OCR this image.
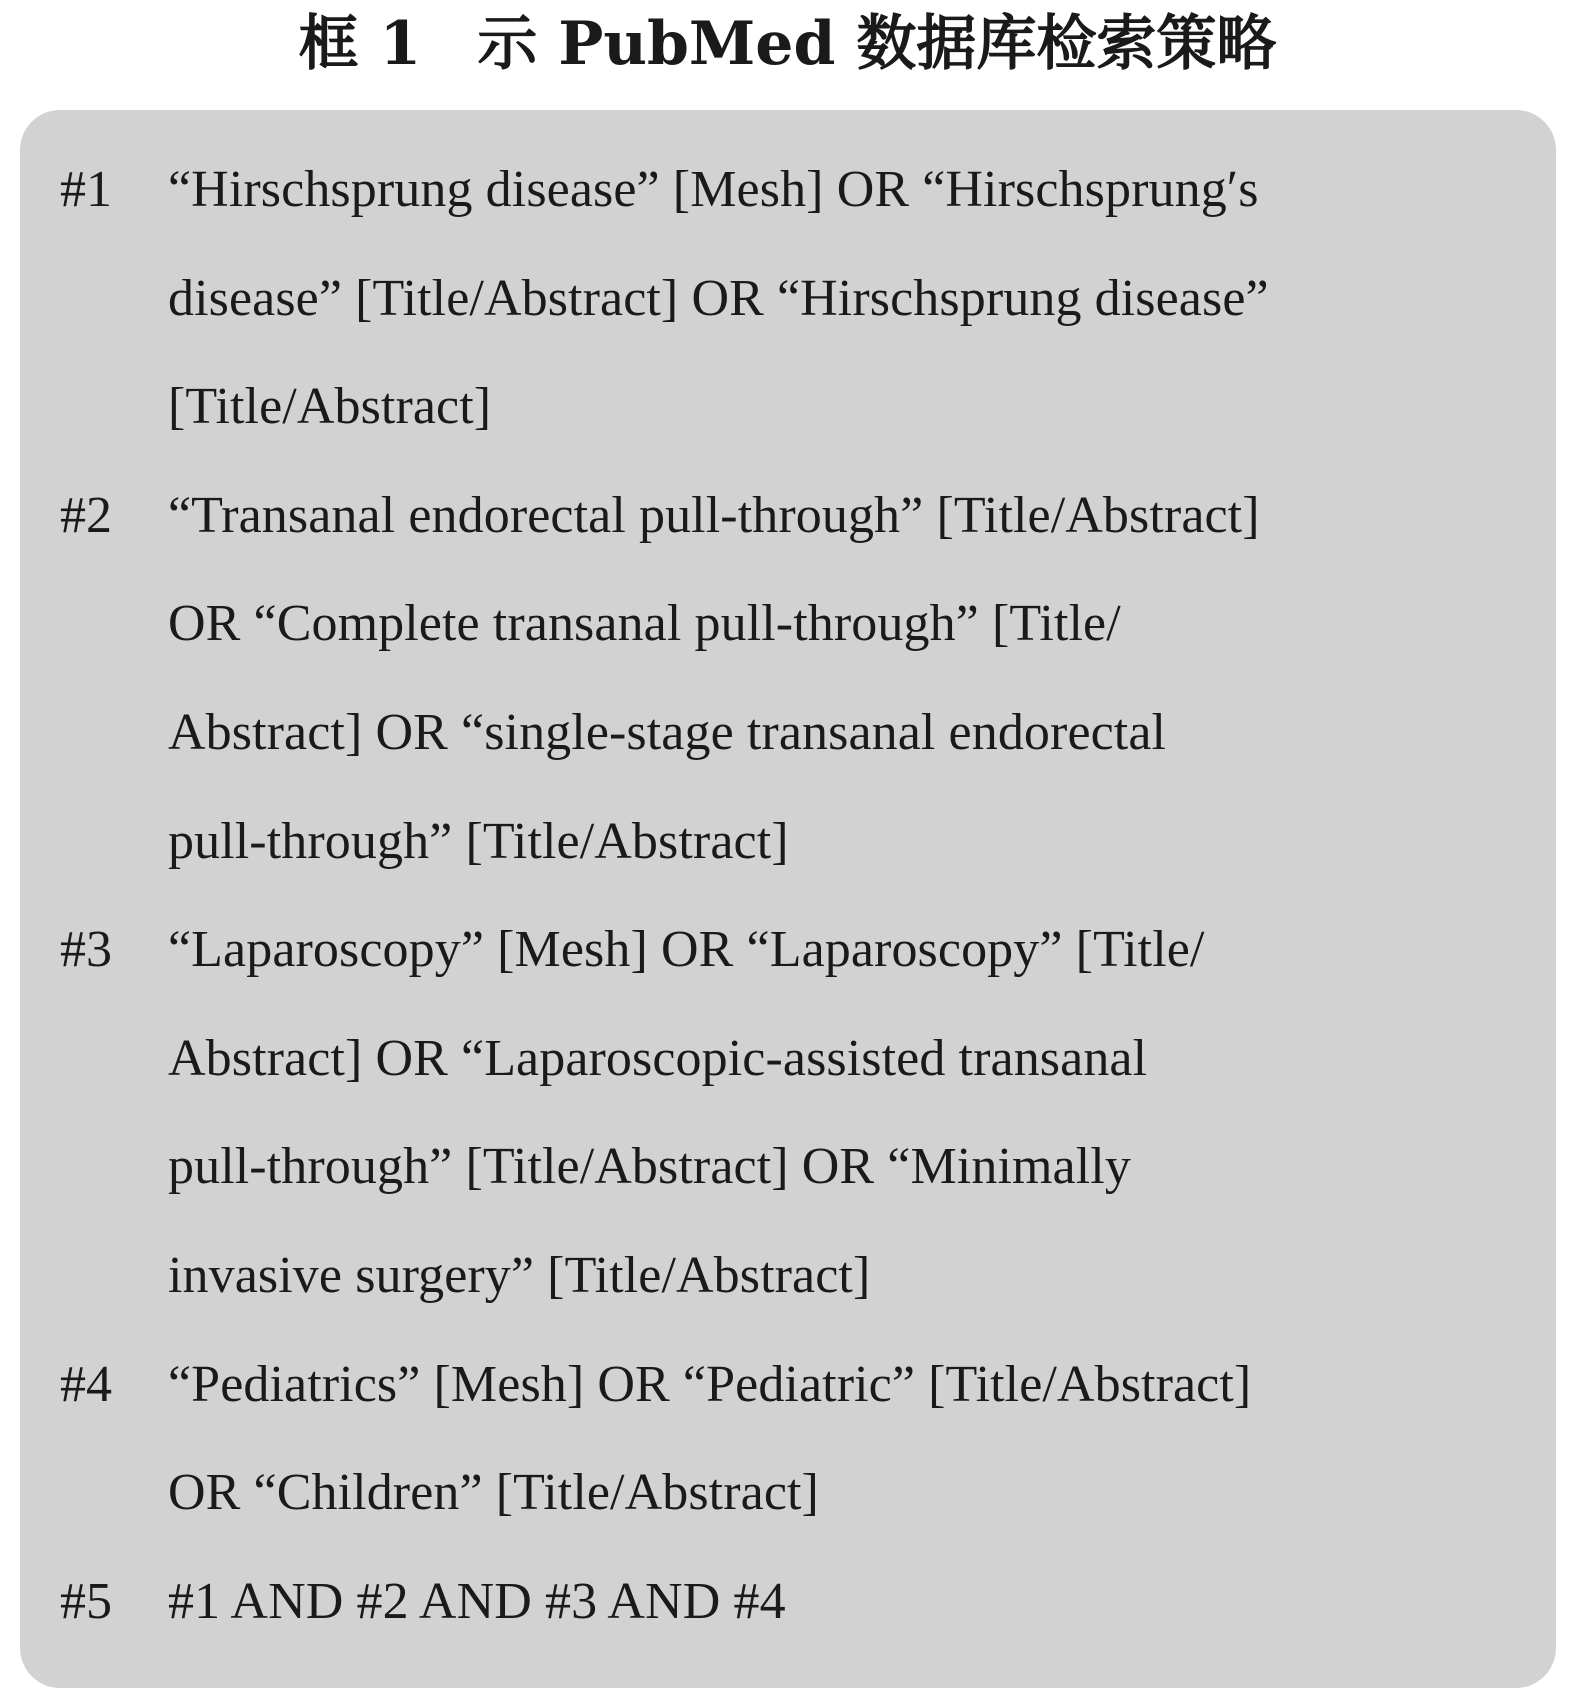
框 1 示 PubMed 数据库检索策略
#1	“Hirschsprung disease” [Mesh] OR “Hirschsprung′s
disease” [Title/Abstract] OR “Hirschsprung disease”
[Title/Abstract]
#2	“Transanal endorectal pull-through” [Title/Abstract]
OR “Complete transanal pull-through” [Title/
Abstract] OR “single-stage transanal endorectal
pull-through” [Title/Abstract]
#3	“Laparoscopy” [Mesh] OR “Laparoscopy” [Title/
Abstract] OR “Laparoscopic-assisted transanal
pull-through” [Title/Abstract] OR “Minimally
invasive surgery” [Title/Abstract]
#4	“Pediatrics” [Mesh] OR “Pediatric” [Title/Abstract]
OR “Children” [Title/Abstract]
#5	#1 AND #2 AND #3 AND #4
